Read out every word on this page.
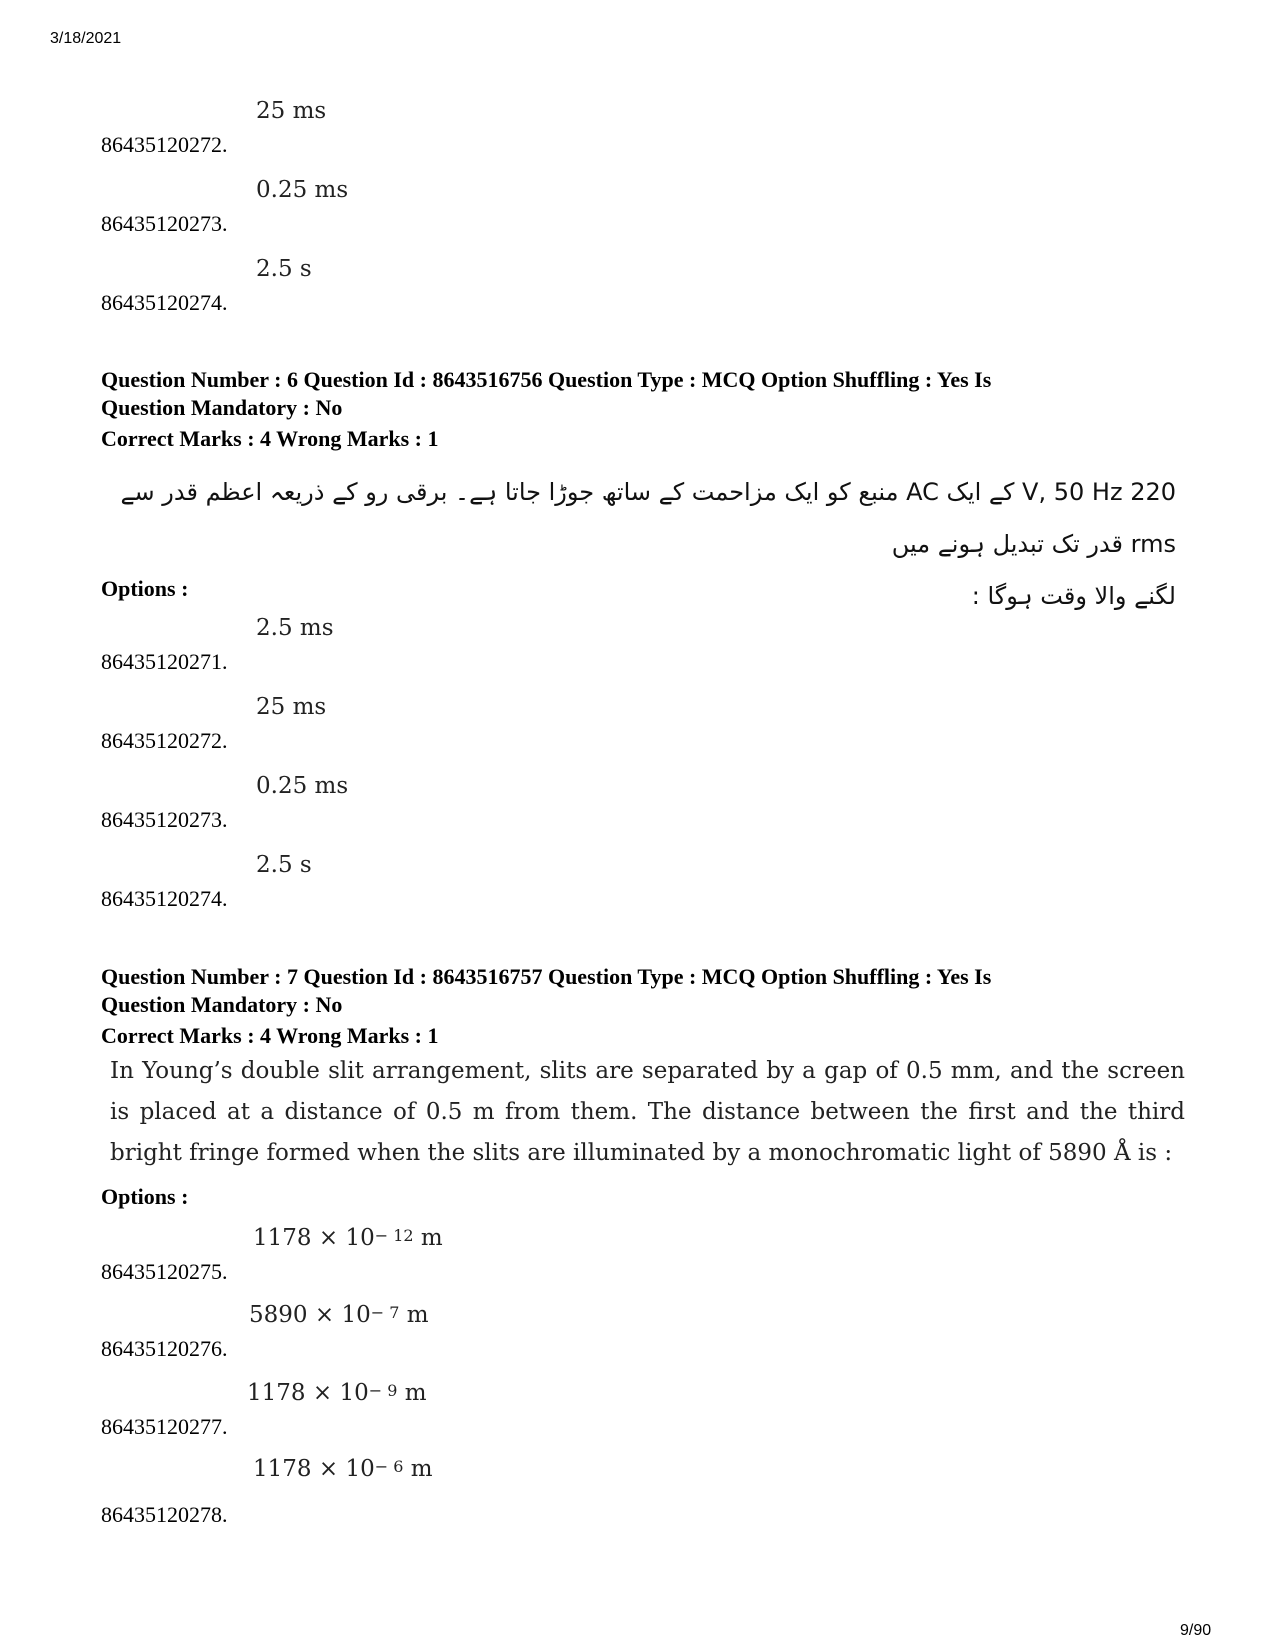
3/18/2021
25 ms
86435120272.
0.25 ms
86435120273.
2.5 s
86435120274.
Question Number : 6 Question Id : 8643516756 Question Type : MCQ Option Shuffling : Yes Is
Question Mandatory : No
Correct Marks : 4 Wrong Marks : 1
220 V, 50 Hz کے ایک AC منبع کو ایک مزاحمت کے ساتھ جوڑا جاتا ہے۔ برقی رو کے ذریعہ اعظم قدر سے rms قدر تک تبدیل ہونے میں
لگنے والا وقت ہوگا :
Options :
2.5 ms
86435120271.
25 ms
86435120272.
0.25 ms
86435120273.
2.5 s
86435120274.
Question Number : 7 Question Id : 8643516757 Question Type : MCQ Option Shuffling : Yes Is
Question Mandatory : No
Correct Marks : 4 Wrong Marks : 1
In Young’s double slit arrangement, slits are separated by a gap of 0.5 mm, and the screen is placed at a distance of 0.5 m from them. The distance between the first and the third bright fringe formed when the slits are illuminated by a monochromatic light of 5890 Å is :
Options :
$1178 \times 10^{- 12}$ m
86435120275.
$5890 \times 10^{- 7}$ m
86435120276.
$1178 \times 10^{- 9}$ m
86435120277.
$1178 \times 10^{- 6}$ m
86435120278.
9/90
